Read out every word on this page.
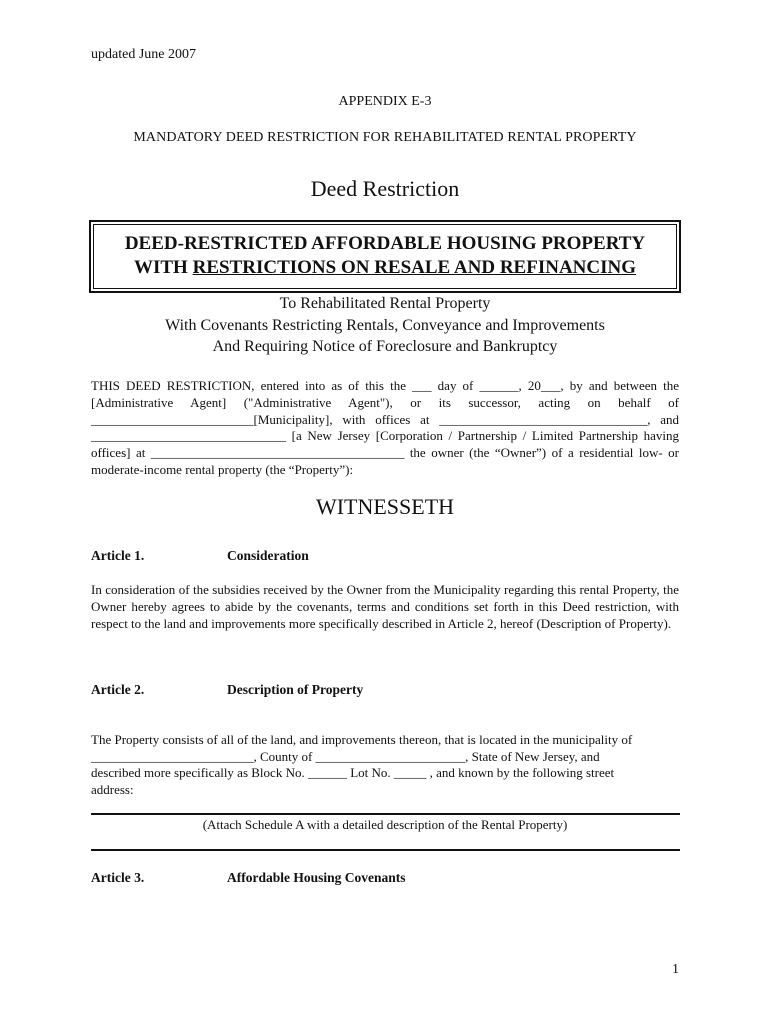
updated June 2007
APPENDIX E-3
MANDATORY DEED RESTRICTION FOR REHABILITATED RENTAL PROPERTY
Deed Restriction
DEED-RESTRICTED AFFORDABLE HOUSING PROPERTY
WITH RESTRICTIONS ON RESALE AND REFINANCING
To Rehabilitated Rental Property
With Covenants Restricting Rentals, Conveyance and Improvements
And Requiring Notice of Foreclosure and Bankruptcy
THIS DEED RESTRICTION, entered into as of this the ___ day of ______, 20___, by and between the [Administrative Agent] ("Administrative Agent"), or its successor, acting on behalf of _________________________[Municipality], with offices at ________________________________, and ______________________________ [a New Jersey [Corporation / Partnership / Limited Partnership having offices] at _______________________________________ the owner (the “Owner”) of a residential low- or moderate-income rental property (the “Property”):
WITNESSETH
Article 1.	Consideration
In consideration of the subsidies received by the Owner from the Municipality regarding this rental Property, the Owner hereby agrees to abide by the covenants, terms and conditions set forth in this Deed restriction, with respect to the land and improvements more specifically described in Article 2, hereof (Description of Property).
Article 2.	Description of Property
The Property consists of all of the land, and improvements thereon, that is located in the municipality of
_________________________, County of _______________________, State of New Jersey, and
described more specifically as Block No. ______ Lot No. _____ , and known by the following street
address:
(Attach Schedule A with a detailed description of the Rental Property)
Article 3.	Affordable Housing Covenants
1
